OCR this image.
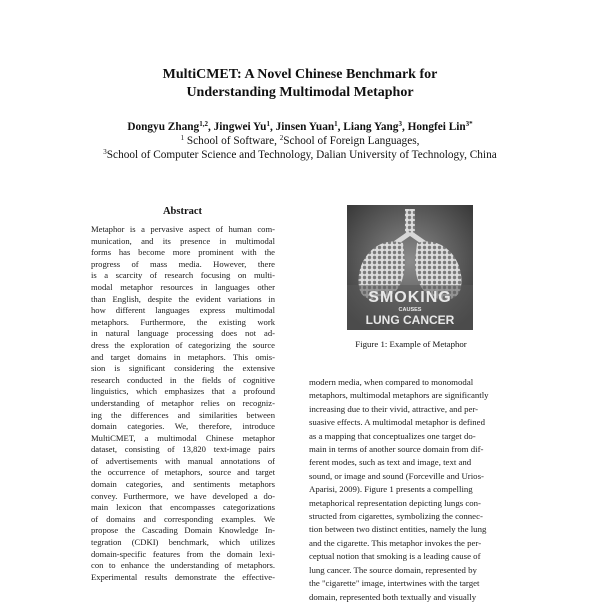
MultiCMET: A Novel Chinese Benchmark for
Understanding Multimodal Metaphor
Dongyu Zhang$^{1,2}$, Jingwei Yu$^1$, Jinsen Yuan$^1$, Liang Yang$^3$, Hongfei Lin$^{3*}$
$^1$ School of Software, $^2$School of Foreign Languages,
$^3$School of Computer Science and Technology, Dalian University of Technology, China
Abstract
Metaphor is a pervasive aspect of human com-
munication, and its presence in multimodal
forms has become more prominent with the
progress of mass media. However, there
is a scarcity of research focusing on multi-
modal metaphor resources in languages other
than English, despite the evident variations in
how different languages express multimodal
metaphors. Furthermore, the existing work
in natural language processing does not ad-
dress the exploration of categorizing the source
and target domains in metaphors. This omis-
sion is significant considering the extensive
research conducted in the fields of cognitive
linguistics, which emphasizes that a profound
understanding of metaphor relies on recogniz-
ing the differences and similarities between
domain categories. We, therefore, introduce
MultiCMET, a multimodal Chinese metaphor
dataset, consisting of 13,820 text-image pairs
of advertisements with manual annotations of
the occurrence of metaphors, source and target
domain categories, and sentiments metaphors
convey. Furthermore, we have developed a do-
main lexicon that encompasses categorizations
of domains and corresponding examples. We
propose the Cascading Domain Knowledge In-
tegration (CDKI) benchmark, which utilizes
domain-specific features from the domain lexi-
con to enhance the understanding of metaphors.
Experimental results demonstrate the effective-
SMOKING
CAUSES
LUNG CANCER
Figure 1: Example of Metaphor
modern media, when compared to monomodal
metaphors, multimodal metaphors are significantly
increasing due to their vivid, attractive, and per-
suasive effects. A multimodal metaphor is defined
as a mapping that conceptualizes one target do-
main in terms of another source domain from dif-
ferent modes, such as text and image, text and
sound, or image and sound (Forceville and Urios-
Aparisi, 2009). Figure 1 presents a compelling
metaphorical representation depicting lungs con-
structed from cigarettes, symbolizing the connec-
tion between two distinct entities, namely the lung
and the cigarette. This metaphor invokes the per-
ceptual notion that smoking is a leading cause of
lung cancer. The source domain, represented by
the "cigarette" image, intertwines with the target
domain, represented both textually and visually
